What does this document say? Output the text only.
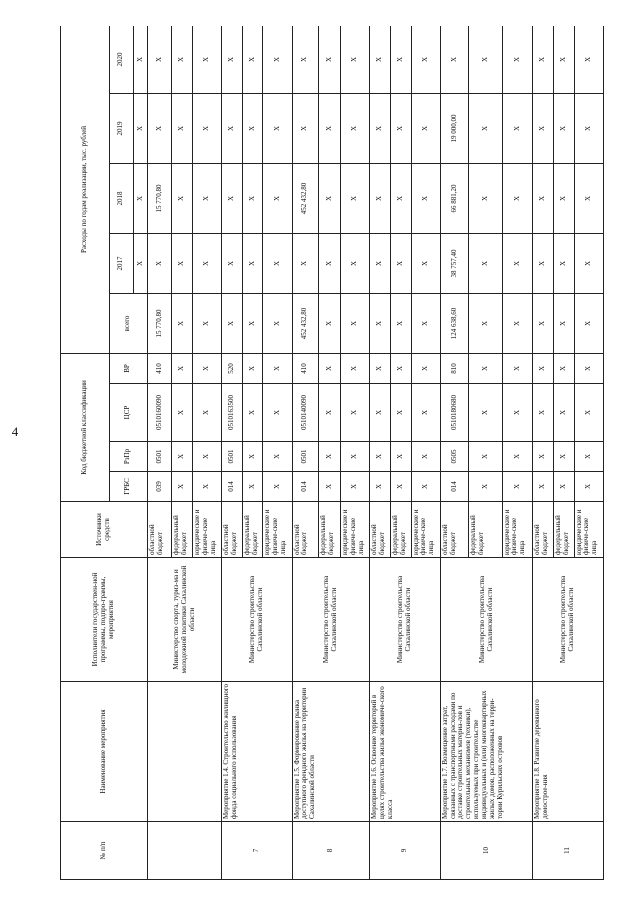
4
№ п/п	Наименование мероприятия	Исполнители государствен-ной программы, подпро-граммы, мероприятия	Источники средств	Код бюджетной классификации				Расходы по годам реализации, тыс. рублей				
				ГРБС	РзПр	ЦСР	ВР	всего	2017	2018	2019	2020
									Х	Х	Х	Х
		Министерство спорта, туриз-ма и молодежной политики Сахалинской области	областной бюджет	039	0501	0510160090	410	15 770,80	Х	15 770,80	Х	Х
			федеральный бюджет	Х	Х	Х	Х	Х	Х	Х	Х	Х
			юридические и физиче-ские лица	Х	Х	Х	Х	Х	Х	Х	Х	Х
7	Мероприятие 1.4. Строительство жилищного фонда социального использования	Министерство строительства Сахалинской области	областной бюджет	014	0501	0510163500	520	Х	Х	Х	Х	Х
			федеральный бюджет	Х	Х	Х	Х	Х	Х	Х	Х	Х
			юридические и физиче-ские лица	Х	Х	Х	Х	Х	Х	Х	Х	Х
8	Мероприятие 1.5. Формирование рынка доступного арендного жилья на территории Сахалинской области	Министерство строительства Сахалинской области	областной бюджет	014	0501	0510140090	410	452 432,80	Х	452 432,80	Х	Х
			федеральный бюджет	Х	Х	Х	Х	Х	Х	Х	Х	Х
			юридические и физиче-ские лица	Х	Х	Х	Х	Х	Х	Х	Х	Х
9	Мероприятие 1.6. Освоение территорий в целях строительства жилья экономиче-ского класса	Министерство строительства Сахалинской области	областной бюджет	Х	Х	Х	Х	Х	Х	Х	Х	Х
			федеральный бюджет	Х	Х	Х	Х	Х	Х	Х	Х	Х
			юридические и физиче-ские лица	Х	Х	Х	Х	Х	Х	Х	Х	Х
10	Мероприятие 1.7. Возмещение затрат, связанных с транспортными расходами по доставке строительных материа-лов и строительных механизмов (техники), используемых при строительстве индивидуальных и (или) многоквартирных жилых домов, расположенных на терри-тории Курильских островов	Министерство строительства Сахалинской области	областной бюджет	014	0505	0510180680	810	124 638,60	38 757,40	66 881,20	19 000,00	Х
			федеральный бюджет	Х	Х	Х	Х	Х	Х	Х	Х	Х
			юридические и физиче-ские лица	Х	Х	Х	Х	Х	Х	Х	Х	Х
11	Мероприятие 1.8. Развитие деревянного домострое-ния	Министерство строительства Сахалинской области	областной бюджет	Х	Х	Х	Х	Х	Х	Х	Х	Х
			федеральный бюджет	Х	Х	Х	Х	Х	Х	Х	Х	Х
			юридические и физиче-ские лица	Х	Х	Х	Х	Х	Х	Х	Х	Х
